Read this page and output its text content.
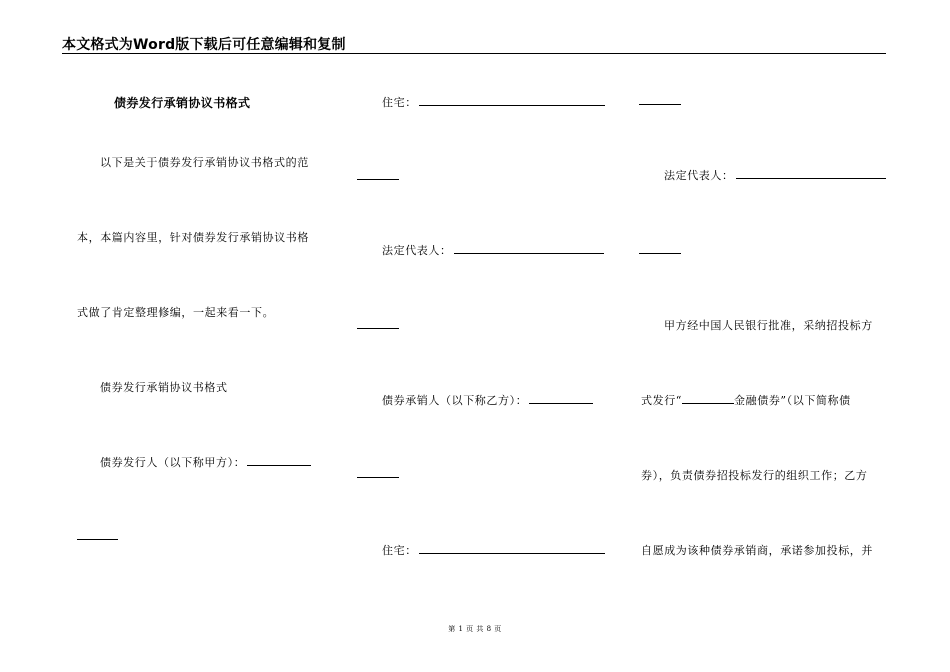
本文格式为Word版下载后可任意编辑和复制
债券发行承销协议书格式
以下是关于债券发行承销协议书格式的范
本，本篇内容里，针对债券发行承销协议书格
式做了肯定整理修编，一起来看一下。
债券发行承销协议书格式
债券发行人（以下称甲方）：
住宅：
法定代表人：
债券承销人（以下称乙方）：
住宅：
法定代表人：
甲方经中国人民银行批准，采纳招投标方
式发行“	金融债券”（以下简称债
券），负责债券招投标发行的组织工作；乙方
自愿成为该种债券承销商，承诺参加投标，并
第 1 页 共 8 页
